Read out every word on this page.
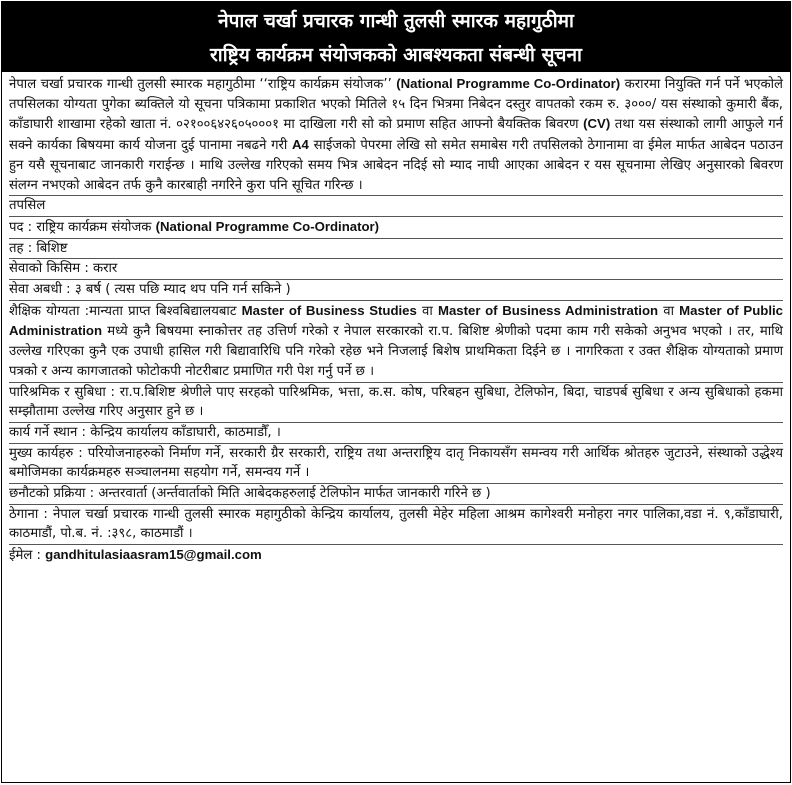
नेपाल चर्खा प्रचारक गान्धी तुलसी स्मारक महागुठीमा
राष्ट्रिय कार्यक्रम संयोजकको आबश्यकता संबन्धी सूचना

नेपाल चर्खा प्रचारक गान्धी तुलसी स्मारक महागुठीमा ‘‘राष्ट्रिय कार्यक्रम संयोजक’’ (National Programme Co-Ordinator) करारमा नियुक्ति गर्न पर्ने भएकोले तपसिलका योग्यता पुगेका ब्यक्तिले यो सूचना पत्रिकामा प्रकाशित भएको मितिले १५ दिन भित्रमा निबेदन दस्तुर वापतको रकम रु. ३०००/ यस संस्थाको कुमारी बैंक, काँडाघारी शाखामा रहेको खाता नं. ०२१००६४२६०५०००१ मा दाखिला गरी सो को प्रमाण सहित आफ्नो बैयक्तिक बिवरण (CV) तथा यस संस्थाको लागी आफुले गर्न सक्ने कार्यका बिषयमा कार्य योजना दुई पानामा नबढने गरी A4 साईजको पेपरमा लेखि सो समेत समाबेस गरी तपसिलको ठेगानामा वा ईमेल मार्फत आबेदन पठाउन हुन यसै सूचनाबाट जानकारी गराईन्छ । माथि उल्लेख गरिएको समय भित्र आबेदन नदिई सो म्याद नाघी आएका आबेदन र यस सूचनामा लेखिए अनुसारको बिवरण संलग्न नभएको आबेदन तर्फ कुनै कारबाही नगरिने कुरा पनि सूचित गरिन्छ ।

तपसिल

पद : राष्ट्रिय कार्यक्रम संयोजक (National Programme Co-Ordinator)

तह : बिशिष्ट

सेवाको किसिम : करार

सेवा अबधी : ३ बर्ष ( त्यस पछि म्याद थप पनि गर्न सकिने )

शैक्षिक योग्यता :मान्यता प्राप्त बिश्वबिद्यालयबाट Master of Business Studies वा Master of Business Administration वा Master of Public Administration मध्ये कुनै बिषयमा स्नाकोत्तर तह उत्तिर्ण गरेको र नेपाल सरकारको रा.प. बिशिष्ट श्रेणीको पदमा काम गरी सकेको अनुभव भएको । तर, माथि उल्लेख गरिएका कुनै एक उपाधी हासिल गरी बिद्यावारिधि पनि गरेको रहेछ भने निजलाई बिशेष प्राथमिकता दिईने छ । नागरिकता र उक्त शैक्षिक योग्यताको प्रमाण पत्रको र अन्य कागजातको फोटोकपी नोटरीबाट प्रमाणित गरी पेश गर्नु पर्ने छ ।

पारिश्रमिक र सुबिधा : रा.प.बिशिष्ट श्रेणीले पाए सरहको पारिश्रमिक, भत्ता, क.स. कोष, परिबहन सुबिधा, टेलिफोन, बिदा, चाडपर्ब सुबिधा र अन्य सुबिधाको हकमा सम्झौतामा उल्लेख गरिए अनुसार हुने छ ।

कार्य गर्ने स्थान : केन्द्रिय कार्यालय काँडाघारी, काठमाडौँ, ।

मुख्य कार्यहरु : परियोजनाहरुको निर्माण गर्ने, सरकारी ग्रैर सरकारी, राष्ट्रिय तथा अन्तराष्ट्रिय दातृ निकायसँग समन्वय गरी आर्थिक श्रोतहरु जुटाउने, संस्थाको उद्धेश्य बमोजिमका कार्यक्रमहरु सञ्चालनमा सहयोग गर्ने, समन्वय गर्ने ।

छनौटको प्रक्रिया : अन्तरवार्ता (अर्न्तवार्ताको मिति आबेदकहरुलाई टेलिफोन मार्फत जानकारी गरिने छ )

ठेगाना : नेपाल चर्खा प्रचारक गान्धी तुलसी स्मारक महागुठीको केन्द्रिय कार्यालय, तुलसी मेहेर महिला आश्रम कागेश्वरी मनोहरा नगर पालिका,वडा नं. ९,काँडाघारी, काठमाडौं, पो.ब. नं. :३९८, काठमाडौं ।

ईमेल : gandhitulasiaasram15@gmail.com
